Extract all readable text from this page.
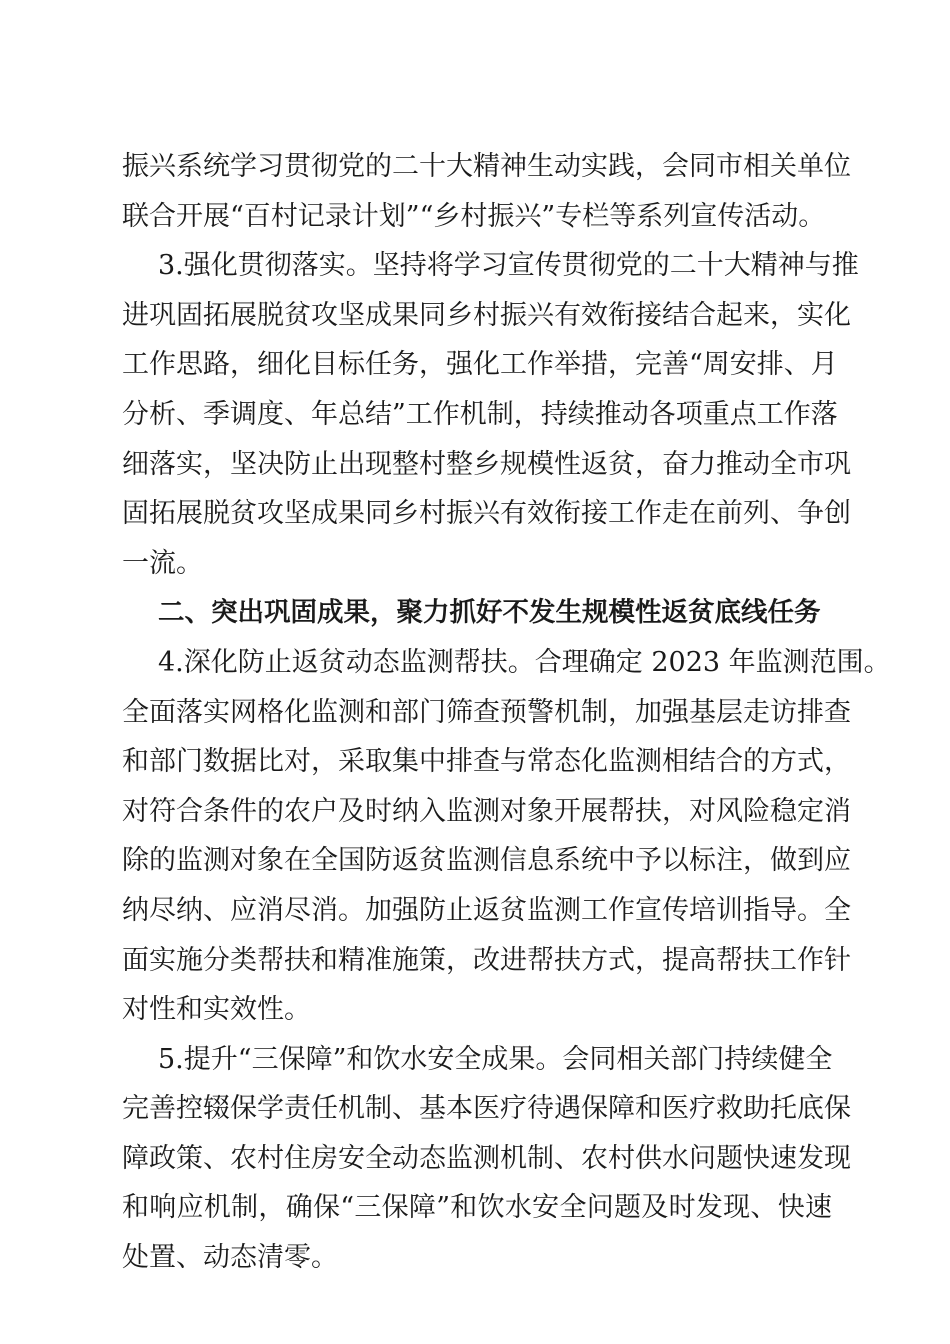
振兴系统学习贯彻党的二十大精神生动实践，会同市相关单位
联合开展“百村记录计划”“乡村振兴”专栏等系列宣传活动。
3.强化贯彻落实。坚持将学习宣传贯彻党的二十大精神与推
进巩固拓展脱贫攻坚成果同乡村振兴有效衔接结合起来，实化
工作思路，细化目标任务，强化工作举措，完善“周安排、月
分析、季调度、年总结”工作机制，持续推动各项重点工作落
细落实，坚决防止出现整村整乡规模性返贫，奋力推动全市巩
固拓展脱贫攻坚成果同乡村振兴有效衔接工作走在前列、争创
一流。
二、突出巩固成果，聚力抓好不发生规模性返贫底线任务
4.深化防止返贫动态监测帮扶。合理确定 2023 年监测范围。
全面落实网格化监测和部门筛查预警机制，加强基层走访排查
和部门数据比对，采取集中排查与常态化监测相结合的方式，
对符合条件的农户及时纳入监测对象开展帮扶，对风险稳定消
除的监测对象在全国防返贫监测信息系统中予以标注，做到应
纳尽纳、应消尽消。加强防止返贫监测工作宣传培训指导。全
面实施分类帮扶和精准施策，改进帮扶方式，提高帮扶工作针
对性和实效性。
5.提升“三保障”和饮水安全成果。会同相关部门持续健全
完善控辍保学责任机制、基本医疗待遇保障和医疗救助托底保
障政策、农村住房安全动态监测机制、农村供水问题快速发现
和响应机制，确保“三保障”和饮水安全问题及时发现、快速
处置、动态清零。
